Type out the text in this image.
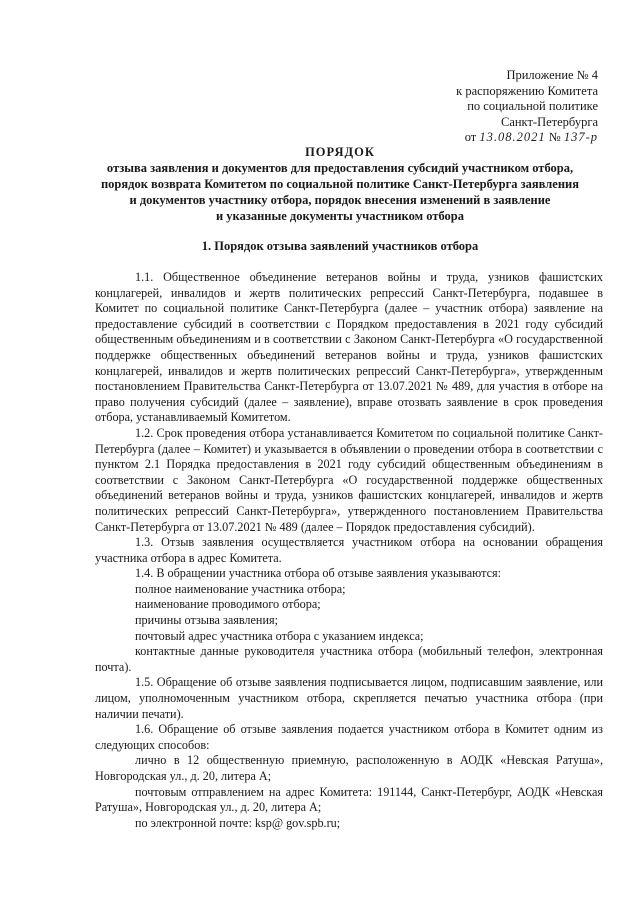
Приложение № 4
к распоряжению Комитета
по социальной политике
Санкт-Петербурга
от 13.08.2021 № 137-р
ПОРЯДОК
отзыва заявления и документов для предоставления субсидий участником отбора,
порядок возврата Комитетом по социальной политике Санкт-Петербурга заявления
и документов участнику отбора, порядок внесения изменений в заявление
и указанные документы участником отбора
1. Порядок отзыва заявлений участников отбора

1.1. Общественное объединение ветеранов войны и труда, узников фашистских концлагерей, инвалидов и жертв политических репрессий Санкт-Петербурга, подавшее в Комитет по социальной политике Санкт-Петербурга (далее – участник отбора) заявление на предоставление субсидий в соответствии с Порядком предоставления в 2021 году субсидий общественным объединениям и в соответствии с Законом Санкт-Петербурга «О государственной поддержке общественных объединений ветеранов войны и труда, узников фашистских концлагерей, инвалидов и жертв политических репрессий Санкт-Петербурга», утвержденным постановлением Правительства Санкт-Петербурга от 13.07.2021 № 489, для участия в отборе на право получения субсидий (далее – заявление), вправе отозвать заявление в срок проведения отбора, устанавливаемый Комитетом.

1.2. Срок проведения отбора устанавливается Комитетом по социальной политике Санкт-Петербурга (далее – Комитет) и указывается в объявлении о проведении отбора в соответствии с пунктом 2.1 Порядка предоставления в 2021 году субсидий общественным объединениям в соответствии с Законом Санкт-Петербурга «О государственной поддержке общественных объединений ветеранов войны и труда, узников фашистских концлагерей, инвалидов и жертв политических репрессий Санкт-Петербурга», утвержденного постановлением Правительства Санкт-Петербурга от 13.07.2021 № 489 (далее – Порядок предоставления субсидий).

1.3. Отзыв заявления осуществляется участником отбора на основании обращения участника отбора в адрес Комитета.

1.4. В обращении участника отбора об отзыве заявления указываются:

полное наименование участника отбора;

наименование проводимого отбора;

причины отзыва заявления;

почтовый адрес участника отбора с указанием индекса;

контактные данные руководителя участника отбора (мобильный телефон, электронная почта).

1.5. Обращение об отзыве заявления подписывается лицом, подписавшим заявление, или лицом, уполномоченным участником отбора, скрепляется печатью участника отбора (при наличии печати).

1.6. Обращение об отзыве заявления подается участником отбора в Комитет одним из следующих способов:

лично в 12 общественную приемную, расположенную в АОДК «Невская Ратуша», Новгородская ул., д. 20, литера А;

почтовым отправлением на адрес Комитета: 191144, Санкт-Петербург, АОДК «Невская Ратуша», Новгородская ул., д. 20, литера А;

по электронной почте: ksp@ gov.spb.ru;
